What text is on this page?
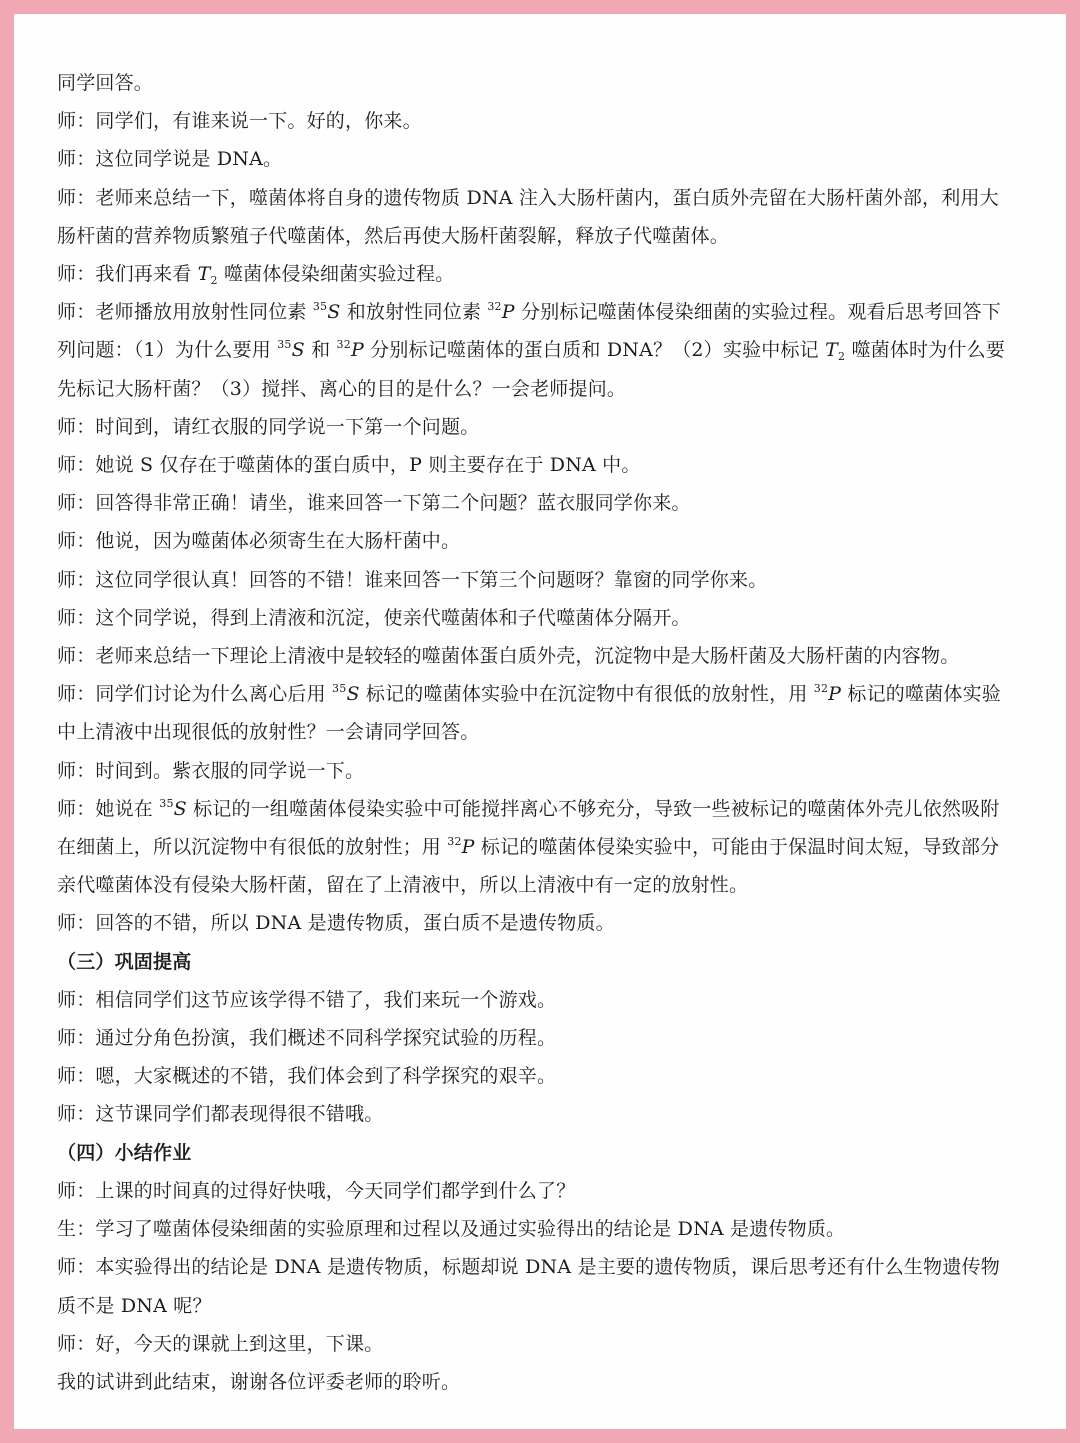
同学回答。
师：同学们，有谁来说一下。好的，你来。
师：这位同学说是 DNA。
师：老师来总结一下，噬菌体将自身的遗传物质 DNA 注入大肠杆菌内，蛋白质外壳留在大肠杆菌外部，利用大
肠杆菌的营养物质繁殖子代噬菌体，然后再使大肠杆菌裂解，释放子代噬菌体。
师：我们再来看 $T_2$ 噬菌体侵染细菌实验过程。
师：老师播放用放射性同位素 $^{35}$S 和放射性同位素 $^{32}$P 分别标记噬菌体侵染细菌的实验过程。观看后思考回答下
列问题：（1）为什么要用 $^{35}$S 和 $^{32}$P 分别标记噬菌体的蛋白质和 DNA？（2）实验中标记 $T_2$ 噬菌体时为什么要
先标记大肠杆菌？（3）搅拌、离心的目的是什么？一会老师提问。
师：时间到，请红衣服的同学说一下第一个问题。
师：她说 S 仅存在于噬菌体的蛋白质中，P 则主要存在于 DNA 中。
师：回答得非常正确！请坐，谁来回答一下第二个问题？蓝衣服同学你来。
师：他说，因为噬菌体必须寄生在大肠杆菌中。
师：这位同学很认真！回答的不错！谁来回答一下第三个问题呀？靠窗的同学你来。
师：这个同学说，得到上清液和沉淀，使亲代噬菌体和子代噬菌体分隔开。
师：老师来总结一下理论上清液中是较轻的噬菌体蛋白质外壳，沉淀物中是大肠杆菌及大肠杆菌的内容物。
师：同学们讨论为什么离心后用 $^{35}$S 标记的噬菌体实验中在沉淀物中有很低的放射性，用 $^{32}$P 标记的噬菌体实验
中上清液中出现很低的放射性？一会请同学回答。
师：时间到。紫衣服的同学说一下。
师：她说在 $^{35}$S 标记的一组噬菌体侵染实验中可能搅拌离心不够充分，导致一些被标记的噬菌体外壳儿依然吸附
在细菌上，所以沉淀物中有很低的放射性；用 $^{32}$P 标记的噬菌体侵染实验中，可能由于保温时间太短，导致部分
亲代噬菌体没有侵染大肠杆菌，留在了上清液中，所以上清液中有一定的放射性。
师：回答的不错，所以 DNA 是遗传物质，蛋白质不是遗传物质。
（三）巩固提高
师：相信同学们这节应该学得不错了，我们来玩一个游戏。
师：通过分角色扮演，我们概述不同科学探究试验的历程。
师：嗯，大家概述的不错，我们体会到了科学探究的艰辛。
师：这节课同学们都表现得很不错哦。
（四）小结作业
师：上课的时间真的过得好快哦，今天同学们都学到什么了？
生：学习了噬菌体侵染细菌的实验原理和过程以及通过实验得出的结论是 DNA 是遗传物质。
师：本实验得出的结论是 DNA 是遗传物质，标题却说 DNA 是主要的遗传物质，课后思考还有什么生物遗传物
质不是 DNA 呢？
师：好，今天的课就上到这里，下课。
我的试讲到此结束，谢谢各位评委老师的聆听。
